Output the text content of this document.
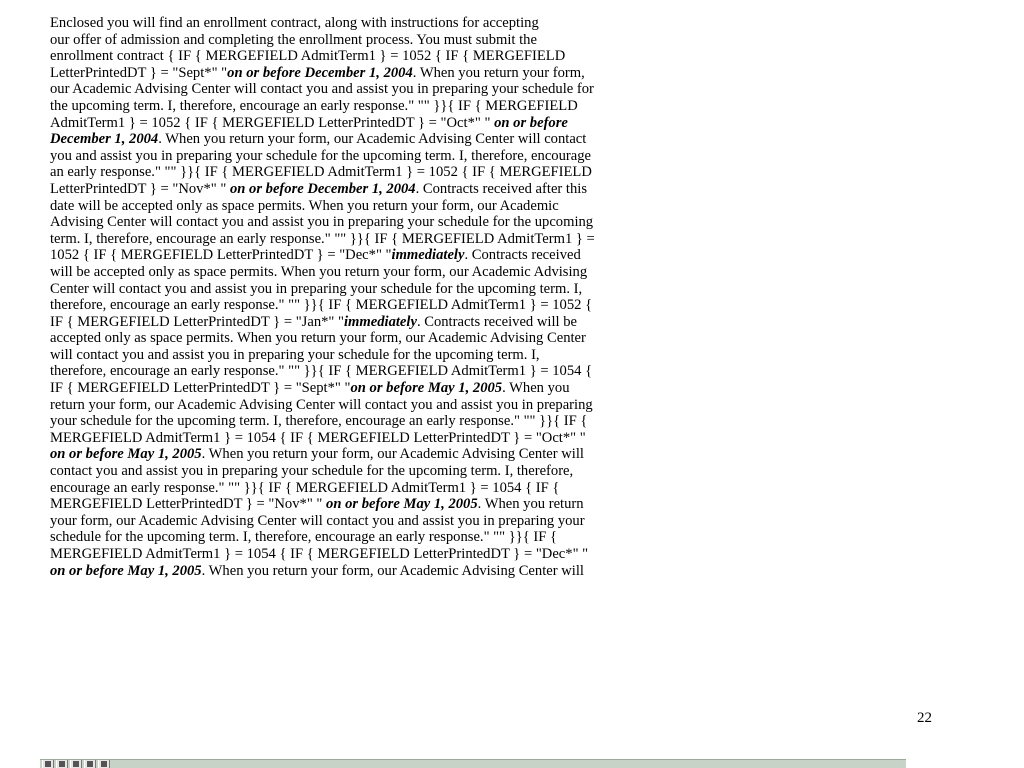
Enclosed you will find an enrollment contract, along with instructions for accepting
our offer of admission and completing the enrollment process. You must submit the
enrollment contract { IF { MERGEFIELD AdmitTerm1 } = 1052 { IF { MERGEFIELD
LetterPrintedDT } = "Sept*" "on or before December 1, 2004. When you return your form,
our Academic Advising Center will contact you and assist you in preparing your schedule for
the upcoming term. I, therefore, encourage an early response." "" }}{ IF { MERGEFIELD
AdmitTerm1 } = 1052 { IF { MERGEFIELD LetterPrintedDT } = "Oct*" " on or before
December 1, 2004. When you return your form, our Academic Advising Center will contact
you and assist you in preparing your schedule for the upcoming term. I, therefore, encourage
an early response." "" }}{ IF { MERGEFIELD AdmitTerm1 } = 1052 { IF { MERGEFIELD
LetterPrintedDT } = "Nov*" " on or before December 1, 2004. Contracts received after this
date will be accepted only as space permits. When you return your form, our Academic
Advising Center will contact you and assist you in preparing your schedule for the upcoming
term. I, therefore, encourage an early response." "" }}{ IF { MERGEFIELD AdmitTerm1 } =
1052 { IF { MERGEFIELD LetterPrintedDT } = "Dec*" "immediately. Contracts received
will be accepted only as space permits. When you return your form, our Academic Advising
Center will contact you and assist you in preparing your schedule for the upcoming term. I,
therefore, encourage an early response." "" }}{ IF { MERGEFIELD AdmitTerm1 } = 1052 {
IF { MERGEFIELD LetterPrintedDT } = "Jan*" "immediately. Contracts received will be
accepted only as space permits. When you return your form, our Academic Advising Center
will contact you and assist you in preparing your schedule for the upcoming term. I,
therefore, encourage an early response." "" }}{ IF { MERGEFIELD AdmitTerm1 } = 1054 {
IF { MERGEFIELD LetterPrintedDT } = "Sept*" "on or before May 1, 2005. When you
return your form, our Academic Advising Center will contact you and assist you in preparing
your schedule for the upcoming term. I, therefore, encourage an early response." "" }}{ IF {
MERGEFIELD AdmitTerm1 } = 1054 { IF { MERGEFIELD LetterPrintedDT } = "Oct*" "
on or before May 1, 2005. When you return your form, our Academic Advising Center will
contact you and assist you in preparing your schedule for the upcoming term. I, therefore,
encourage an early response." "" }}{ IF { MERGEFIELD AdmitTerm1 } = 1054 { IF {
MERGEFIELD LetterPrintedDT } = "Nov*" " on or before May 1, 2005. When you return
your form, our Academic Advising Center will contact you and assist you in preparing your
schedule for the upcoming term. I, therefore, encourage an early response." "" }}{ IF {
MERGEFIELD AdmitTerm1 } = 1054 { IF { MERGEFIELD LetterPrintedDT } = "Dec*" "
on or before May 1, 2005. When you return your form, our Academic Advising Center will
22
